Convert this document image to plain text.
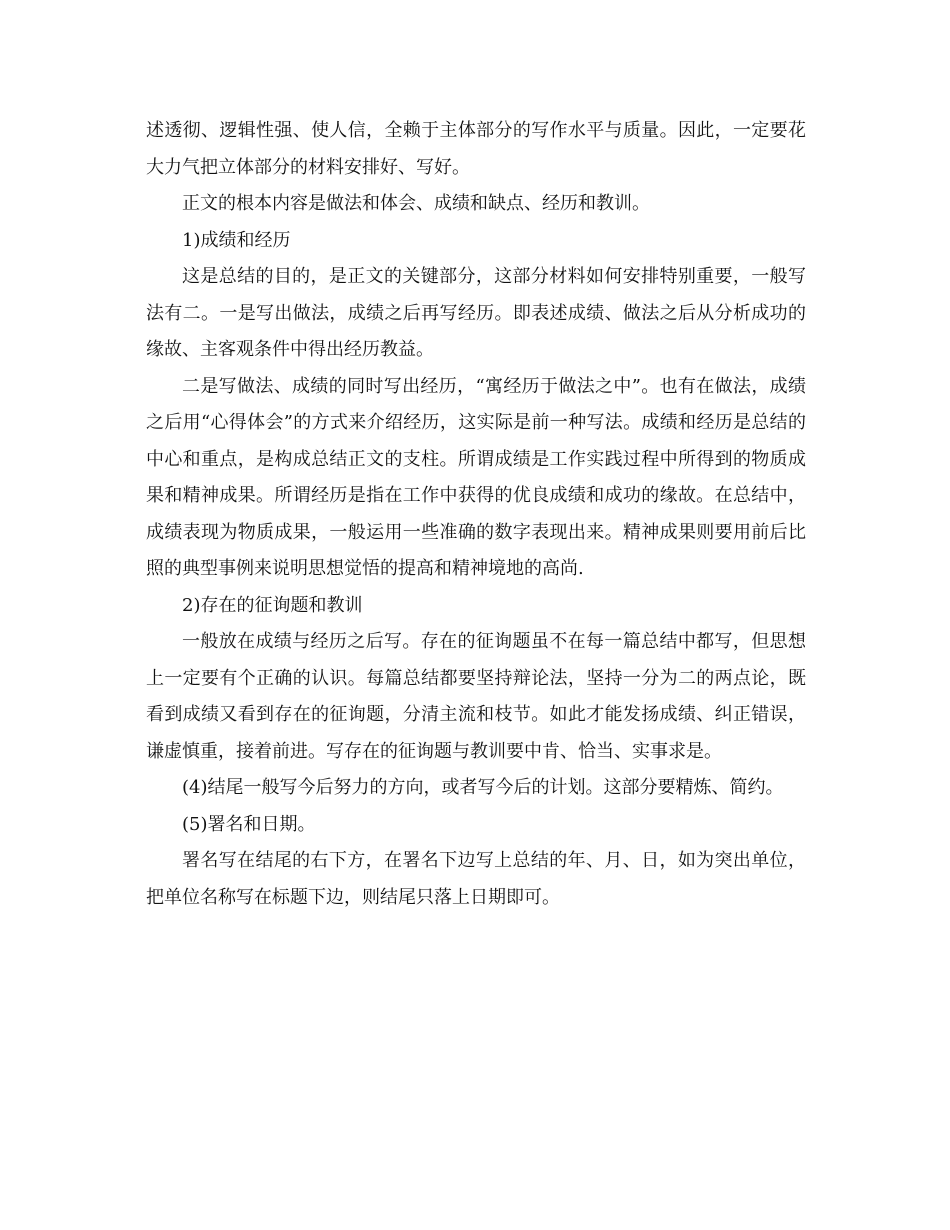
述透彻、逻辑性强、使人信，全赖于主体部分的写作水平与质量。因此，一定要花大力气把立体部分的材料安排好、写好。

正文的根本内容是做法和体会、成绩和缺点、经历和教训。

1)成绩和经历

这是总结的目的，是正文的关键部分，这部分材料如何安排特别重要，一般写法有二。一是写出做法，成绩之后再写经历。即表述成绩、做法之后从分析成功的缘故、主客观条件中得出经历教益。

二是写做法、成绩的同时写出经历，“寓经历于做法之中”。也有在做法，成绩之后用“心得体会”的方式来介绍经历，这实际是前一种写法。成绩和经历是总结的中心和重点，是构成总结正文的支柱。所谓成绩是工作实践过程中所得到的物质成果和精神成果。所谓经历是指在工作中获得的优良成绩和成功的缘故。在总结中，成绩表现为物质成果，一般运用一些准确的数字表现出来。精神成果则要用前后比照的典型事例来说明思想觉悟的提高和精神境地的高尚.

2)存在的征询题和教训

一般放在成绩与经历之后写。存在的征询题虽不在每一篇总结中都写，但思想上一定要有个正确的认识。每篇总结都要坚持辩论法，坚持一分为二的两点论，既看到成绩又看到存在的征询题，分清主流和枝节。如此才能发扬成绩、纠正错误，谦虚慎重，接着前进。写存在的征询题与教训要中肯、恰当、实事求是。

(4)结尾一般写今后努力的方向，或者写今后的计划。这部分要精炼、简约。

(5)署名和日期。

署名写在结尾的右下方，在署名下边写上总结的年、月、日，如为突出单位，把单位名称写在标题下边，则结尾只落上日期即可。
